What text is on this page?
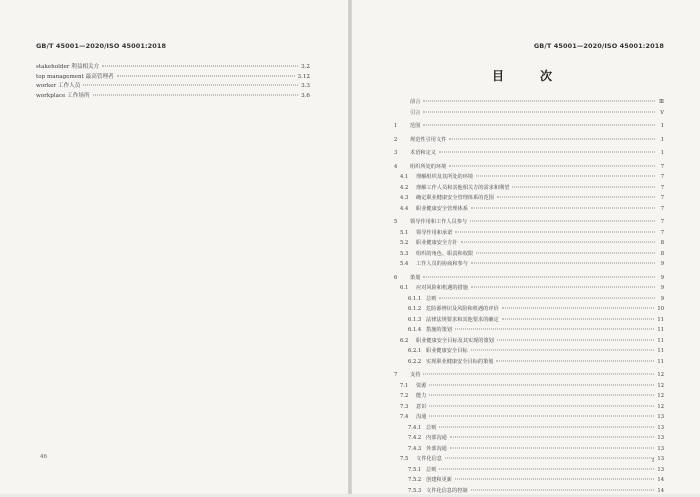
GB/T 45001—2020/ISO 45001:2018
stakeholder 利益相关方	3.2
top management 最高管理者	3.12
worker 工作人员	3.3
workplace 工作场所	3.6
46
GB/T 45001—2020/ISO 45001:2018
目　次
前言	Ⅲ
引言	Ⅴ
1	范围	1
2	规范性引用文件	1
3	术语和定义	1
4	组织所处的环境	7
4.1	理解组织及其所处的环境	7
4.2	理解工作人员和其他相关方的需求和期望	7
4.3	确定职业健康安全管理体系的范围	7
4.4	职业健康安全管理体系	7
5	领导作用和工作人员参与	7
5.1	领导作用和承诺	7
5.2	职业健康安全方针	8
5.3	组织的角色、职责和权限	8
5.4	工作人员的协商和参与	9
6	策划	9
6.1	应对风险和机遇的措施	9
6.1.1 总则	9
6.1.2 危险源辨识及风险和机遇的评价	10
6.1.3 法律法规要求和其他要求的确定	11
6.1.4 措施的策划	11
6.2	职业健康安全目标及其实现的策划	11
6.2.1 职业健康安全目标	11
6.2.2 实现职业健康安全目标的策划	11
7	支持	12
7.1	资源	12
7.2	能力	12
7.3	意识	12
7.4	沟通	13
7.4.1 总则	13
7.4.2 内部沟通	13
7.4.3 外部沟通	13
7.5	文件化信息	13
7.5.1 总则	13
7.5.2 创建和更新	14
7.5.3 文件化信息的控制	14
I
